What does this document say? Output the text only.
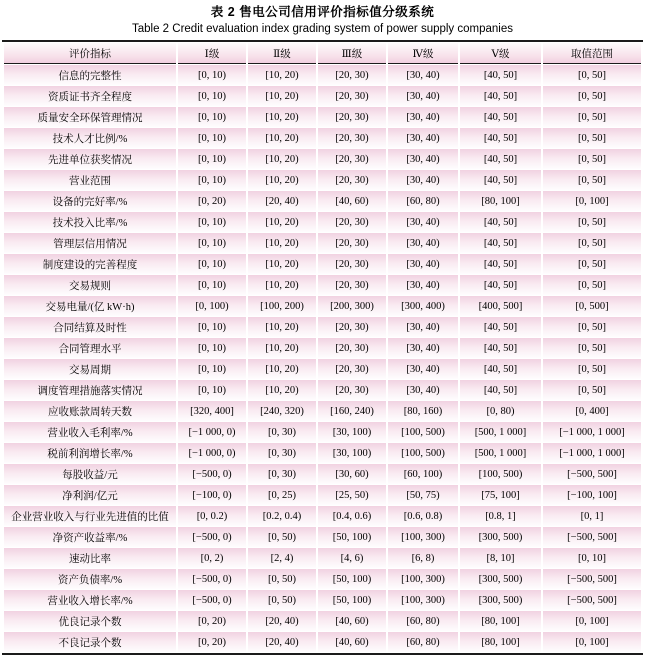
表 2 售电公司信用评价指标值分级系统
Table 2 Credit evaluation index grading system of power supply companies
评价指标	Ⅰ级	Ⅱ级	Ⅲ级	Ⅳ级	Ⅴ级	取值范围
信息的完整性	[0, 10)	[10, 20)	[20, 30)	[30, 40)	[40, 50]	[0, 50]
资质证书齐全程度	[0, 10)	[10, 20)	[20, 30)	[30, 40)	[40, 50]	[0, 50]
质量安全环保管理情况	[0, 10)	[10, 20)	[20, 30)	[30, 40)	[40, 50]	[0, 50]
技术人才比例/%	[0, 10)	[10, 20)	[20, 30)	[30, 40)	[40, 50]	[0, 50]
先进单位获奖情况	[0, 10)	[10, 20)	[20, 30)	[30, 40)	[40, 50]	[0, 50]
营业范围	[0, 10)	[10, 20)	[20, 30)	[30, 40)	[40, 50]	[0, 50]
设备的完好率/%	[0, 20)	[20, 40)	[40, 60)	[60, 80)	[80, 100]	[0, 100]
技术投入比率/%	[0, 10)	[10, 20)	[20, 30)	[30, 40)	[40, 50]	[0, 50]
管理层信用情况	[0, 10)	[10, 20)	[20, 30)	[30, 40)	[40, 50]	[0, 50]
制度建设的完善程度	[0, 10)	[10, 20)	[20, 30)	[30, 40)	[40, 50]	[0, 50]
交易规则	[0, 10)	[10, 20)	[20, 30)	[30, 40)	[40, 50]	[0, 50]
交易电量/(亿 kW·h)	[0, 100)	[100, 200)	[200, 300)	[300, 400)	[400, 500]	[0, 500]
合同结算及时性	[0, 10)	[10, 20)	[20, 30)	[30, 40)	[40, 50]	[0, 50]
合同管理水平	[0, 10)	[10, 20)	[20, 30)	[30, 40)	[40, 50]	[0, 50]
交易周期	[0, 10)	[10, 20)	[20, 30)	[30, 40)	[40, 50]	[0, 50]
调度管理措施落实情况	[0, 10)	[10, 20)	[20, 30)	[30, 40)	[40, 50]	[0, 50]
应收账款周转天数	[320, 400]	[240, 320)	[160, 240)	[80, 160)	[0, 80)	[0, 400]
营业收入毛利率/%	[−1 000, 0)	[0, 30)	[30, 100)	[100, 500)	[500, 1 000]	[−1 000, 1 000]
税前利润增长率/%	[−1 000, 0)	[0, 30)	[30, 100)	[100, 500)	[500, 1 000]	[−1 000, 1 000]
每股收益/元	[−500, 0)	[0, 30)	[30, 60)	[60, 100)	[100, 500)	[−500, 500]
净利润/亿元	[−100, 0)	[0, 25)	[25, 50)	[50, 75)	[75, 100]	[−100, 100]
企业营业收入与行业先进值的比值	[0, 0.2)	[0.2, 0.4)	[0.4, 0.6)	[0.6, 0.8)	[0.8, 1]	[0, 1]
净资产收益率/%	[−500, 0)	[0, 50)	[50, 100)	[100, 300)	[300, 500)	[−500, 500]
速动比率	[0, 2)	[2, 4)	[4, 6)	[6, 8)	[8, 10]	[0, 10]
资产负债率/%	[−500, 0)	[0, 50)	[50, 100)	[100, 300)	[300, 500)	[−500, 500]
营业收入增长率/%	[−500, 0)	[0, 50)	[50, 100)	[100, 300)	[300, 500)	[−500, 500]
优良记录个数	[0, 20)	[20, 40)	[40, 60)	[60, 80)	[80, 100]	[0, 100]
不良记录个数	[0, 20)	[20, 40)	[40, 60)	[60, 80)	[80, 100]	[0, 100]
